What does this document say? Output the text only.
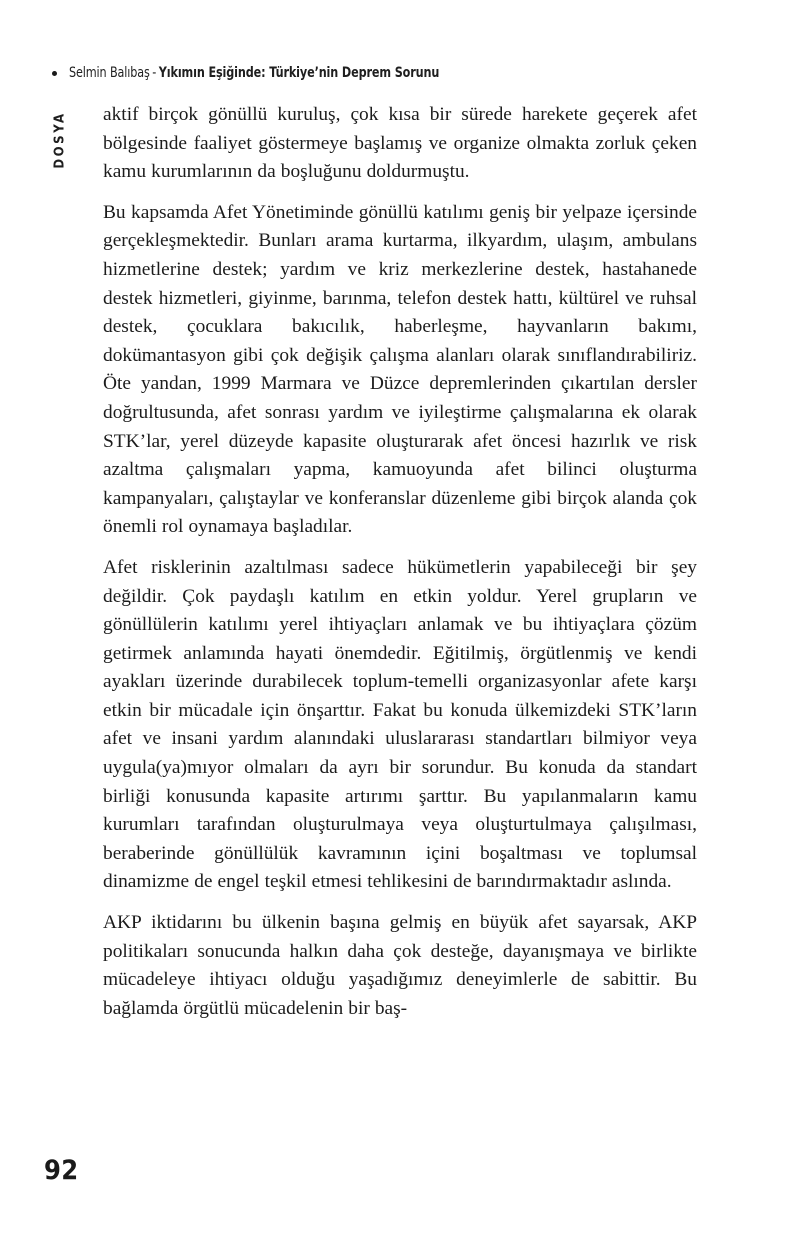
Selmin Balıbaş - Yıkımın Eşiğinde: Türkiye’nin Deprem Sorunu
DOSYA aktif birçok gönüllü kuruluş, çok kısa bir sürede harekete geçerek afet bölgesinde faaliyet göstermeye başlamış ve organize olmakta zorluk çeken kamu kurumlarının da boşluğunu doldurmuştu.

Bu kapsamda Afet Yönetiminde gönüllü katılımı geniş bir yelpaze içersinde gerçekleşmektedir. Bunları arama kurtarma, ilkyardım, ulaşım, ambulans hizmetlerine destek; yardım ve kriz merkezlerine destek, hastahanede destek hizmetleri, giyinme, barınma, telefon destek hattı, kültürel ve ruhsal destek, çocuklara bakıcılık, haberleşme, hayvanların bakımı, dokümantasyon gibi çok değişik çalışma alanları olarak sınıflandırabiliriz. Öte yandan, 1999 Marmara ve Düzce depremlerinden çıkartılan dersler doğrultusunda, afet sonrası yardım ve iyileştirme çalışmalarına ek olarak STK’lar, yerel düzeyde kapasite oluşturarak afet öncesi hazırlık ve risk azaltma çalışmaları yapma, kamuoyunda afet bilinci oluşturma kampanyaları, çalıştaylar ve konferanslar düzenleme gibi birçok alanda çok önemli rol oynamaya başladılar.

Afet risklerinin azaltılması sadece hükümetlerin yapabileceği bir şey değildir. Çok paydaşlı katılım en etkin yoldur. Yerel grupların ve gönüllülerin katılımı yerel ihtiyaçları anlamak ve bu ihtiyaçlara çözüm getirmek anlamında hayati önemdedir. Eğitilmiş, örgütlenmiş ve kendi ayakları üzerinde durabilecek toplum-temelli organizasyonlar afete karşı etkin bir mücadale için önşarttır. Fakat bu konuda ülkemizdeki STK’ların afet ve insani yardım alanındaki uluslararası standartları bilmiyor veya uygula(ya)mıyor olmaları da ayrı bir sorundur. Bu konuda da standart birliği konusunda kapasite artırımı şarttır. Bu yapılanmaların kamu kurumları tarafından oluşturulmaya veya oluşturtulmaya çalışılması, beraberinde gönüllülük kavramının içini boşaltması ve toplumsal dinamizme de engel teşkil etmesi tehlikesini de barındırmaktadır aslında.

AKP iktidarını bu ülkenin başına gelmiş en büyük afet sayarsak, AKP politikaları sonucunda halkın daha çok desteğe, dayanışmaya ve birlikte mücadeleye ihtiyacı olduğu yaşadığımız deneyimlerle de sabittir. Bu bağlamda örgütlü mücadelenin bir baş-

92
